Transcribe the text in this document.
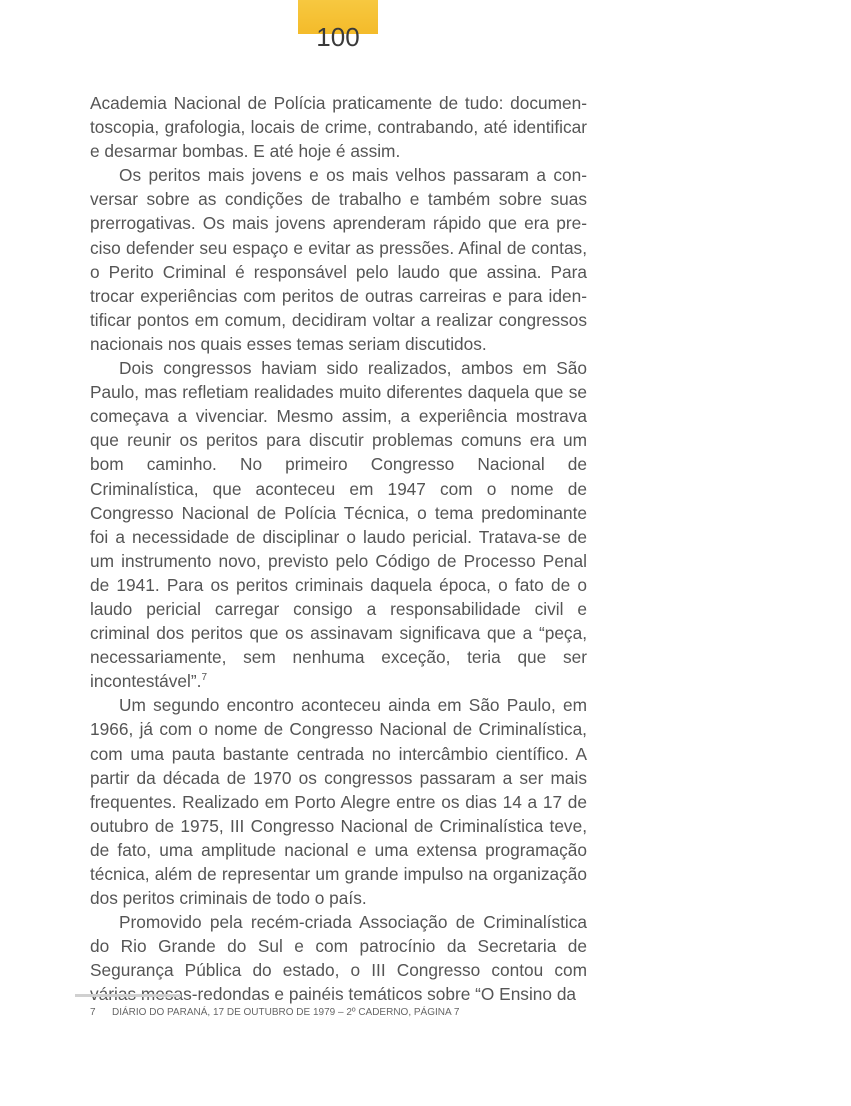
100

Academia Nacional de Polícia praticamente de tudo: documentoscopia, grafologia, locais de crime, contrabando, até identificar e desarmar bombas. E até hoje é assim.

Os peritos mais jovens e os mais velhos passaram a conversar sobre as condições de trabalho e também sobre suas prerrogativas. Os mais jovens aprenderam rápido que era preciso defender seu espaço e evitar as pressões. Afinal de contas, o Perito Criminal é responsável pelo laudo que assina. Para trocar experiências com peritos de outras carreiras e para identificar pontos em comum, decidiram voltar a realizar congressos nacionais nos quais esses temas seriam discutidos.

Dois congressos haviam sido realizados, ambos em São Paulo, mas refletiam realidades muito diferentes daquela que se começava a vivenciar. Mesmo assim, a experiência mostrava que reunir os peritos para discutir problemas comuns era um bom caminho. No primeiro Congresso Nacional de Criminalística, que aconteceu em 1947 com o nome de Congresso Nacional de Polícia Técnica, o tema predominante foi a necessidade de disciplinar o laudo pericial. Tratava-se de um instrumento novo, previsto pelo Código de Processo Penal de 1941. Para os peritos criminais daquela época, o fato de o laudo pericial carregar consigo a responsabilidade civil e criminal dos peritos que os assinavam significava que a “peça, necessariamente, sem nenhuma exceção, teria que ser incontestável”.$^7$

Um segundo encontro aconteceu ainda em São Paulo, em 1966, já com o nome de Congresso Nacional de Criminalística, com uma pauta bastante centrada no intercâmbio científico. A partir da década de 1970 os congressos passaram a ser mais frequentes. Realizado em Porto Alegre entre os dias 14 a 17 de outubro de 1975, III Congresso Nacional de Criminalística teve, de fato, uma amplitude nacional e uma extensa programação técnica, além de representar um grande impulso na organização dos peritos criminais de todo o país.

Promovido pela recém-criada Associação de Criminalística do Rio Grande do Sul e com patrocínio da Secretaria de Segurança Pública do estado, o III Congresso contou com várias mesas-redondas e painéis temáticos sobre “O Ensino da

7 DIÁRIO DO PARANÁ, 17 DE OUTUBRO DE 1979 – 2º CADERNO, PÁGINA 7
